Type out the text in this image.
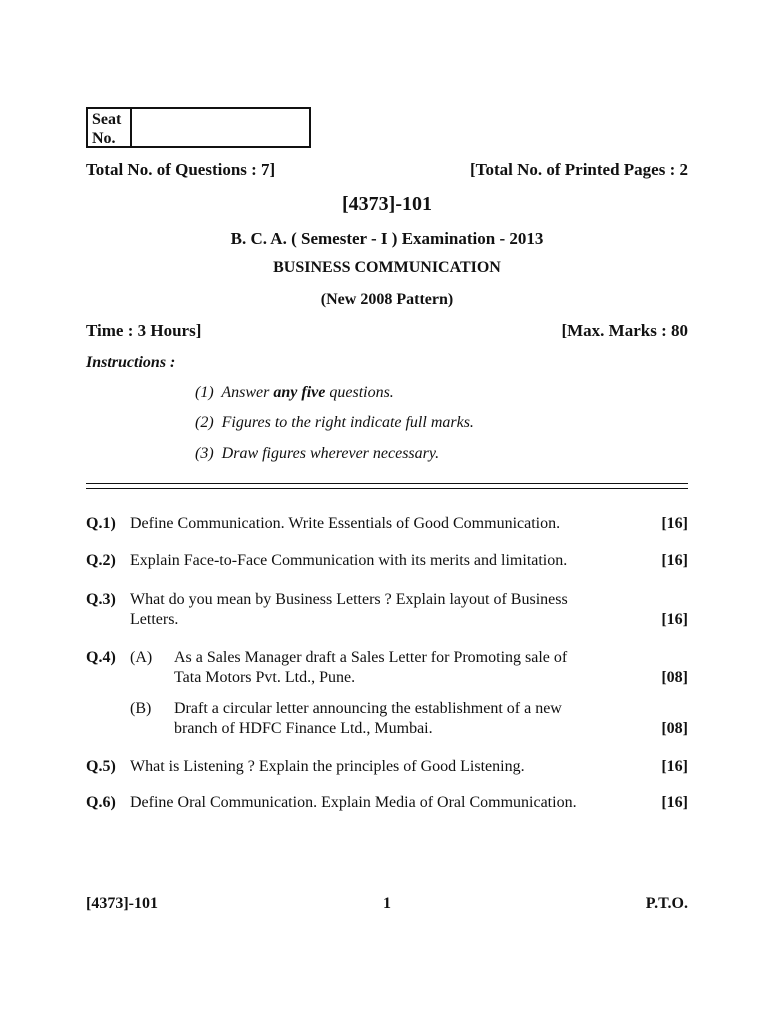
Seat
No.
Total No. of Questions : 7]	[Total No. of Printed Pages : 2
[4373]-101
B. C. A. ( Semester - I ) Examination - 2013
BUSINESS COMMUNICATION
(New 2008 Pattern)
Time : 3 Hours]	[Max. Marks : 80
Instructions :
(1) Answer any five questions.
(2) Figures to the right indicate full marks.
(3) Draw figures wherever necessary.
Q.1) Define Communication. Write Essentials of Good Communication.	[16]
Q.2) Explain Face-to-Face Communication with its merits and limitation.	[16]
Q.3) What do you mean by Business Letters ? Explain layout of Business
Letters.	[16]
Q.4) (A) As a Sales Manager draft a Sales Letter for Promoting sale of
Tata Motors Pvt. Ltd., Pune.	[08]
(B) Draft a circular letter announcing the establishment of a new
branch of HDFC Finance Ltd., Mumbai.	[08]
Q.5) What is Listening ? Explain the principles of Good Listening.	[16]
Q.6) Define Oral Communication. Explain Media of Oral Communication.	[16]
[4373]-101	1	P.T.O.
